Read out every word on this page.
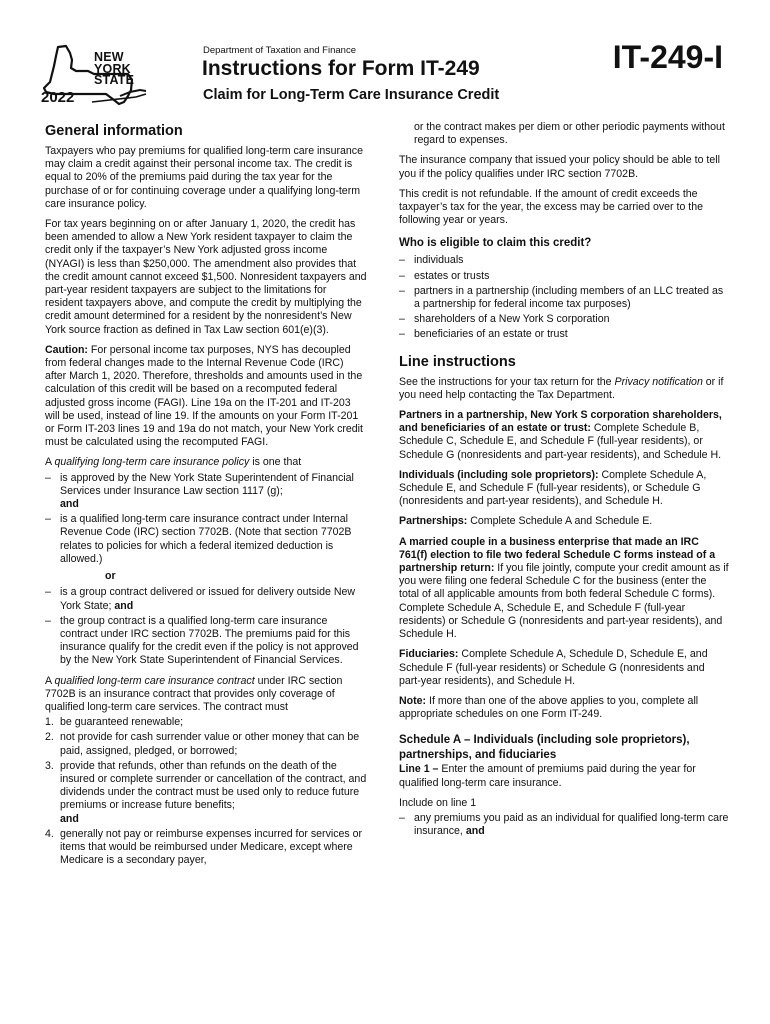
NEW
YORK
STATE
2022
Department of Taxation and Finance
Instructions for Form IT-249	IT-249-I
Claim for Long-Term Care Insurance Credit
General information

Taxpayers who pay premiums for qualified long-term care insurance may claim a credit against their personal income tax. The credit is equal to 20% of the premiums paid during the tax year for the purchase of or for continuing coverage under a qualifying long-term care insurance policy.

For tax years beginning on or after January 1, 2020, the credit has been amended to allow a New York resident taxpayer to claim the credit only if the taxpayer’s New York adjusted gross income (NYAGI) is less than $250,000. The amendment also provides that the credit amount cannot exceed $1,500. Nonresident taxpayers and part-year resident taxpayers are subject to the limitations for resident taxpayers above, and compute the credit by multiplying the credit amount determined for a resident by the nonresident’s New York source fraction as defined in Tax Law section 601(e)(3).

Caution: For personal income tax purposes, NYS has decoupled from federal changes made to the Internal Revenue Code (IRC) after March 1, 2020. Therefore, thresholds and amounts used in the calculation of this credit will be based on a recomputed federal adjusted gross income (FAGI). Line 19a on the IT-201 and IT-203 will be used, instead of line 19. If the amounts on your Form IT-201 or Form IT-203 lines 19 and 19a do not match, your New York credit must be calculated using the recomputed FAGI.

A qualifying long-term care insurance policy is one that

– is approved by the New York State Superintendent of Financial Services under Insurance Law section 1117 (g);
and
– is a qualified long-term care insurance contract under Internal Revenue Code (IRC) section 7702B. (Note that section 7702B relates to policies for which a federal itemized deduction is allowed.)
or
– is a group contract delivered or issued for delivery outside New York State; and
– the group contract is a qualified long-term care insurance contract under IRC section 7702B. The premiums paid for this insurance qualify for the credit even if the policy is not approved by the New York State Superintendent of Financial Services.

A qualified long-term care insurance contract under IRC section 7702B is an insurance contract that provides only coverage of qualified long-term care services. The contract must

1. be guaranteed renewable;
2. not provide for cash surrender value or other money that can be paid, assigned, pledged, or borrowed;
3. provide that refunds, other than refunds on the death of the insured or complete surrender or cancellation of the contract, and dividends under the contract must be used only to reduce future premiums or increase future benefits;
and
4. generally not pay or reimburse expenses incurred for services or items that would be reimbursed under Medicare, except where Medicare is a secondary payer,

or the contract makes per diem or other periodic payments without regard to expenses.

The insurance company that issued your policy should be able to tell you if the policy qualifies under IRC section 7702B.

This credit is not refundable. If the amount of credit exceeds the taxpayer’s tax for the year, the excess may be carried over to the following year or years.

Who is eligible to claim this credit?
– individuals
– estates or trusts
– partners in a partnership (including members of an LLC treated as a partnership for federal income tax purposes)
– shareholders of a New York S corporation
– beneficiaries of an estate or trust
Line instructions

See the instructions for your tax return for the Privacy notification or if you need help contacting the Tax Department.

Partners in a partnership, New York S corporation shareholders, and beneficiaries of an estate or trust: Complete Schedule B, Schedule C, Schedule E, and Schedule F (full-year residents), or Schedule G (nonresidents and part-year residents), and Schedule H.

Individuals (including sole proprietors): Complete Schedule A, Schedule E, and Schedule F (full-year residents), or Schedule G (nonresidents and part-year residents), and Schedule H.

Partnerships: Complete Schedule A and Schedule E.

A married couple in a business enterprise that made an IRC 761(f) election to file two federal Schedule C forms instead of a partnership return: If you file jointly, compute your credit amount as if you were filing one federal Schedule C for the business (enter the total of all applicable amounts from both federal Schedule C forms). Complete Schedule A, Schedule E, and Schedule F (full-year residents) or Schedule G (nonresidents and part-year residents), and Schedule H.

Fiduciaries: Complete Schedule A, Schedule D, Schedule E, and Schedule F (full-year residents) or Schedule G (nonresidents and part-year residents), and Schedule H.

Note: If more than one of the above applies to you, complete all appropriate schedules on one Form IT-249.

Schedule A – Individuals (including sole proprietors), partnerships, and fiduciaries

Line 1 – Enter the amount of premiums paid during the year for qualified long-term care insurance.

Include on line 1

– any premiums you paid as an individual for qualified long-term care insurance, and
